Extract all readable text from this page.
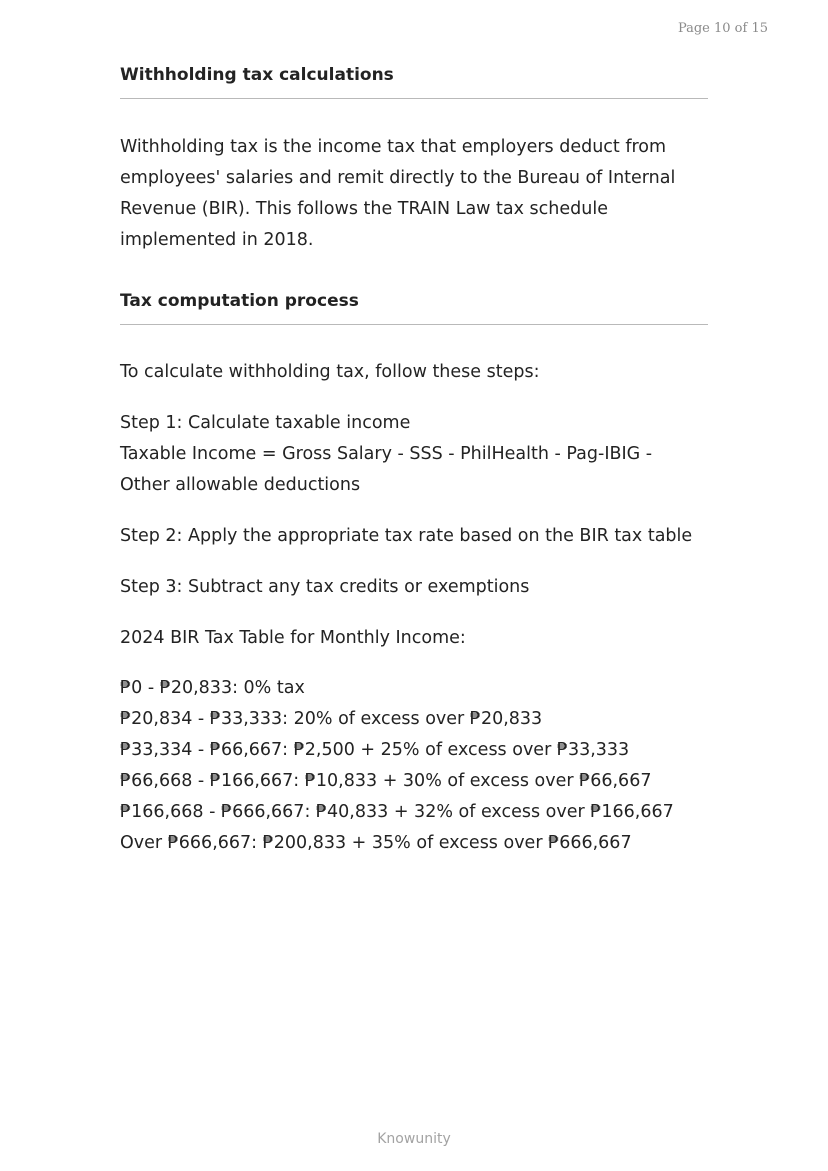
Page 10 of 15
Withholding tax calculations

Withholding tax is the income tax that employers deduct from employees' salaries and remit directly to the Bureau of Internal Revenue (BIR). This follows the TRAIN Law tax schedule implemented in 2018.

Tax computation process

To calculate withholding tax, follow these steps:

Step 1: Calculate taxable income

Taxable Income = Gross Salary - SSS - PhilHealth - Pag-IBIG - Other allowable deductions

Step 2: Apply the appropriate tax rate based on the BIR tax table

Step 3: Subtract any tax credits or exemptions

2024 BIR Tax Table for Monthly Income:

₱0 - ₱20,833: 0% tax
₱20,834 - ₱33,333: 20% of excess over ₱20,833
₱33,334 - ₱66,667: ₱2,500 + 25% of excess over ₱33,333
₱66,668 - ₱166,667: ₱10,833 + 30% of excess over ₱66,667
₱166,668 - ₱666,667: ₱40,833 + 32% of excess over ₱166,667
Over ₱666,667: ₱200,833 + 35% of excess over ₱666,667
Knowunity
